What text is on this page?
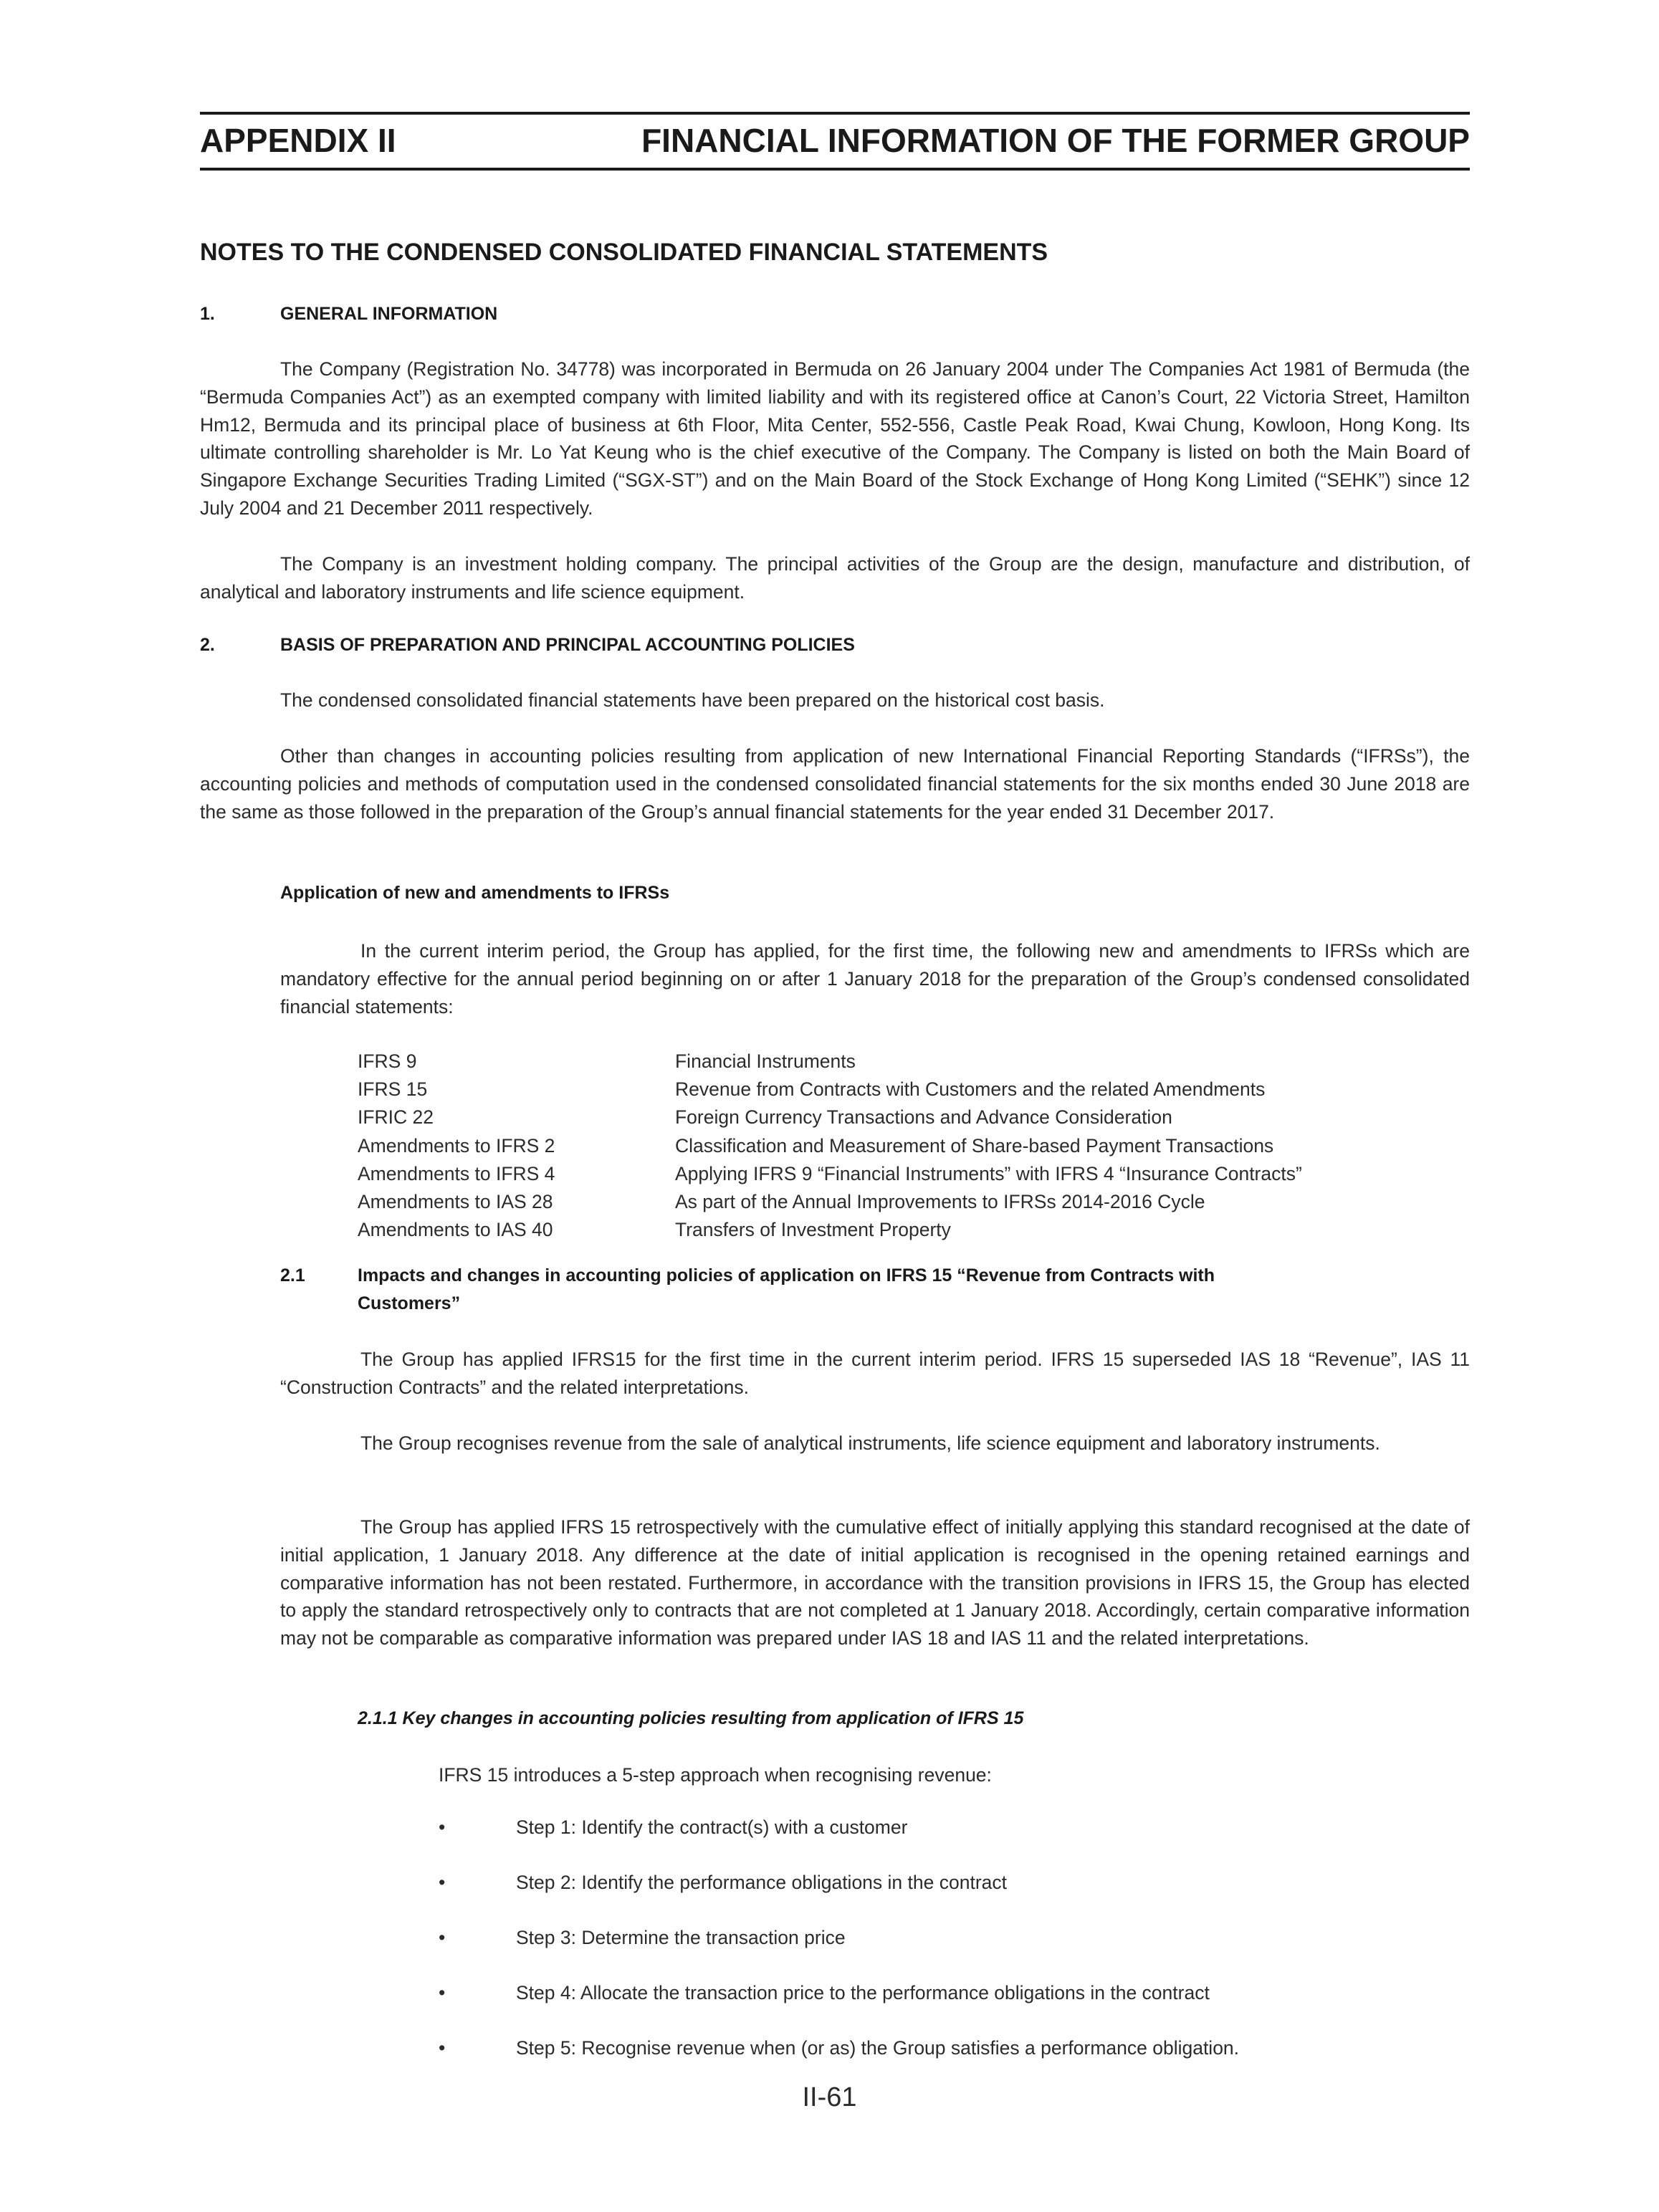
APPENDIX II	FINANCIAL INFORMATION OF THE FORMER GROUP
NOTES TO THE CONDENSED CONSOLIDATED FINANCIAL STATEMENTS
1.	GENERAL INFORMATION

The Company (Registration No. 34778) was incorporated in Bermuda on 26 January 2004 under The Companies Act 1981 of Bermuda (the “Bermuda Companies Act”) as an exempted company with limited liability and with its registered office at Canon’s Court, 22 Victoria Street, Hamilton Hm12, Bermuda and its principal place of business at 6th Floor, Mita Center, 552-556, Castle Peak Road, Kwai Chung, Kowloon, Hong Kong. Its ultimate controlling shareholder is Mr. Lo Yat Keung who is the chief executive of the Company. The Company is listed on both the Main Board of Singapore Exchange Securities Trading Limited (“SGX-ST”) and on the Main Board of the Stock Exchange of Hong Kong Limited (“SEHK”) since 12 July 2004 and 21 December 2011 respectively.

The Company is an investment holding company. The principal activities of the Group are the design, manufacture and distribution, of analytical and laboratory instruments and life science equipment.

2.	BASIS OF PREPARATION AND PRINCIPAL ACCOUNTING POLICIES

The condensed consolidated financial statements have been prepared on the historical cost basis.

Other than changes in accounting policies resulting from application of new International Financial Reporting Standards (“IFRSs”), the accounting policies and methods of computation used in the condensed consolidated financial statements for the six months ended 30 June 2018 are the same as those followed in the preparation of the Group’s annual financial statements for the year ended 31 December 2017.

Application of new and amendments to IFRSs

In the current interim period, the Group has applied, for the first time, the following new and amendments to IFRSs which are mandatory effective for the annual period beginning on or after 1 January 2018 for the preparation of the Group’s condensed consolidated financial statements:

IFRS 9	Financial Instruments
IFRS 15	Revenue from Contracts with Customers and the related Amendments
IFRIC 22	Foreign Currency Transactions and Advance Consideration
Amendments to IFRS 2	Classification and Measurement of Share-based Payment Transactions
Amendments to IFRS 4	Applying IFRS 9 “Financial Instruments” with IFRS 4 “Insurance Contracts”
Amendments to IAS 28	As part of the Annual Improvements to IFRSs 2014-2016 Cycle
Amendments to IAS 40	Transfers of Investment Property
2.1	Impacts and changes in accounting policies of application on IFRS 15 “Revenue from Contracts with
Customers”

The Group has applied IFRS15 for the first time in the current interim period. IFRS 15 superseded IAS 18 “Revenue”, IAS 11 “Construction Contracts” and the related interpretations.

The Group recognises revenue from the sale of analytical instruments, life science equipment and laboratory instruments.

The Group has applied IFRS 15 retrospectively with the cumulative effect of initially applying this standard recognised at the date of initial application, 1 January 2018. Any difference at the date of initial application is recognised in the opening retained earnings and comparative information has not been restated. Furthermore, in accordance with the transition provisions in IFRS 15, the Group has elected to apply the standard retrospectively only to contracts that are not completed at 1 January 2018. Accordingly, certain comparative information may not be comparable as comparative information was prepared under IAS 18 and IAS 11 and the related interpretations.

2.1.1 Key changes in accounting policies resulting from application of IFRS 15
IFRS 15 introduces a 5-step approach when recognising revenue:
•	Step 1: Identify the contract(s) with a customer
•	Step 2: Identify the performance obligations in the contract
•	Step 3: Determine the transaction price
•	Step 4: Allocate the transaction price to the performance obligations in the contract
•	Step 5: Recognise revenue when (or as) the Group satisfies a performance obligation.
II-61
